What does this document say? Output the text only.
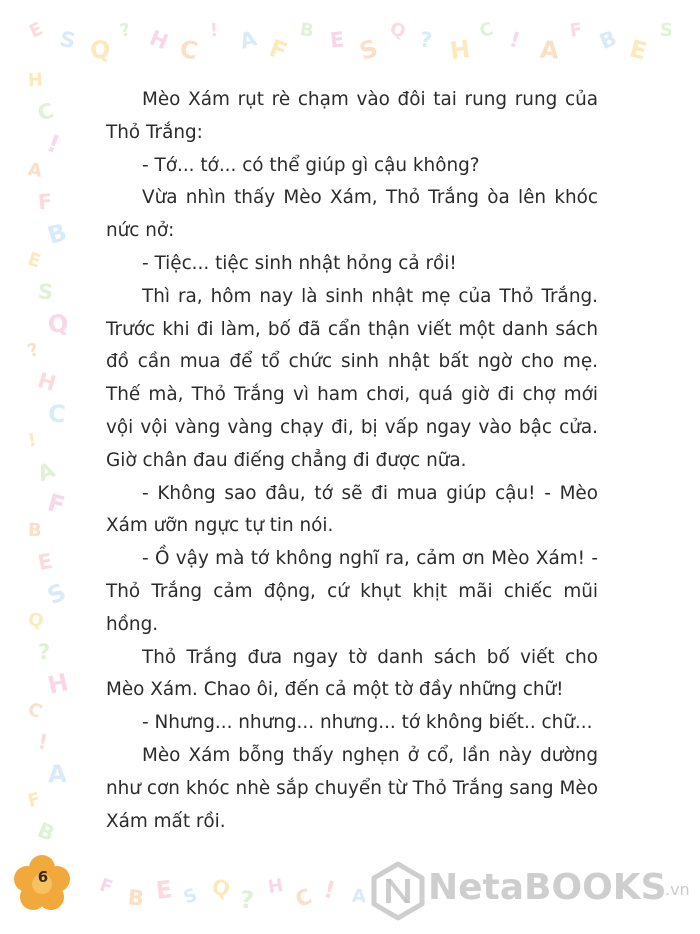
E S Q
? H C
! A F
B E S
Q ? H
C ! A
F B E
S
H
C
!
A
F
B
E
S
Q
?
H
C
!
A
F
B
E
S
Q
?
H
C
!
A
F
B
F B E S Q ? H C ! A

Mèo Xám rụt rè chạm vào đôi tai rung rung của Thỏ Trắng:

- Tớ... tớ... có thể giúp gì cậu không?

Vừa nhìn thấy Mèo Xám, Thỏ Trắng òa lên khóc nức nở:

- Tiệc... tiệc sinh nhật hỏng cả rồi!

Thì ra, hôm nay là sinh nhật mẹ của Thỏ Trắng. Trước khi đi làm, bố đã cẩn thận viết một danh sách đồ cần mua để tổ chức sinh nhật bất ngờ cho mẹ. Thế mà, Thỏ Trắng vì ham chơi, quá giờ đi chợ mới vội vội vàng vàng chạy đi, bị vấp ngay vào bậc cửa. Giờ chân đau điếng chẳng đi được nữa.

- Không sao đâu, tớ sẽ đi mua giúp cậu! - Mèo Xám ưỡn ngực tự tin nói.

- Ồ vậy mà tớ không nghĩ ra, cảm ơn Mèo Xám! - Thỏ Trắng cảm động, cứ khụt khịt mãi chiếc mũi hồng.

Thỏ Trắng đưa ngay tờ danh sách bố viết cho Mèo Xám. Chao ôi, đến cả một tờ đầy những chữ!

- Nhưng... nhưng... nhưng... tớ không biết.. chữ...

Mèo Xám bỗng thấy nghẹn ở cổ, lần này dường như cơn khóc nhè sắp chuyển từ Thỏ Trắng sang Mèo Xám mất rồi.

6	NetaBOOKS
.vn
